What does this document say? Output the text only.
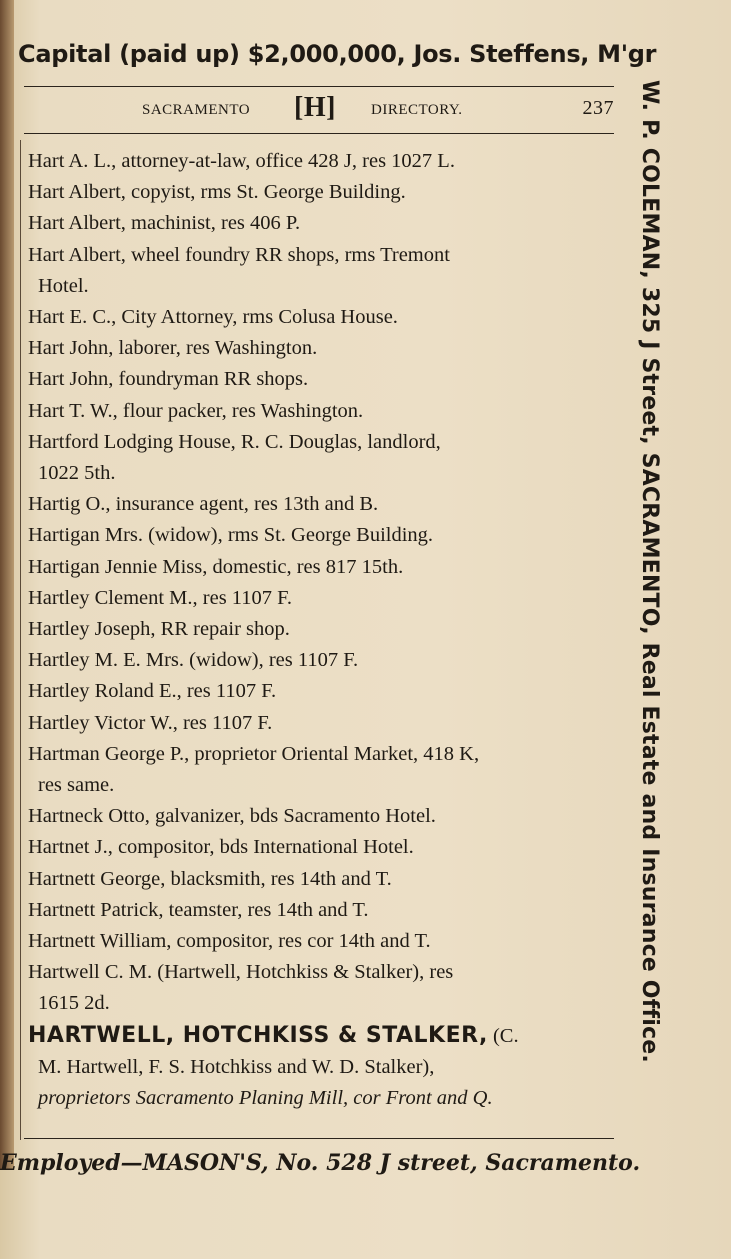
Capital (paid up) $2,000,000, Jos. Steffens, M'gr
SACRAMENTO [H] DIRECTORY.	237

Hart A. L., attorney-at-law, office 428 J, res 1027 L.

Hart Albert, copyist, rms St. George Building.

Hart Albert, machinist, res 406 P.

Hart Albert, wheel foundry RR shops, rms Tremont
Hotel.

Hart E. C., City Attorney, rms Colusa House.

Hart John, laborer, res Washington.

Hart John, foundryman RR shops.

Hart T. W., flour packer, res Washington.

Hartford Lodging House, R. C. Douglas, landlord,
1022 5th.

Hartig O., insurance agent, res 13th and B.

Hartigan Mrs. (widow), rms St. George Building.

Hartigan Jennie Miss, domestic, res 817 15th.

Hartley Clement M., res 1107 F.

Hartley Joseph, RR repair shop.

Hartley M. E. Mrs. (widow), res 1107 F.

Hartley Roland E., res 1107 F.

Hartley Victor W., res 1107 F.

Hartman George P., proprietor Oriental Market, 418 K,
res same.

Hartneck Otto, galvanizer, bds Sacramento Hotel.

Hartnet J., compositor, bds International Hotel.

Hartnett George, blacksmith, res 14th and T.

Hartnett Patrick, teamster, res 14th and T.

Hartnett William, compositor, res cor 14th and T.

Hartwell C. M. (Hartwell, Hotchkiss & Stalker), res
1615 2d.

HARTWELL, HOTCHKISS & STALKER, (C.
M. Hartwell, F. S. Hotchkiss and W. D. Stalker),
proprietors Sacramento Planing Mill, cor Front and Q.

W. P. COLEMAN, 325 J Street, SACRAMENTO, Real Estate and Insurance Office.
Employed—MASON'S, No. 528 J street, Sacramento.
